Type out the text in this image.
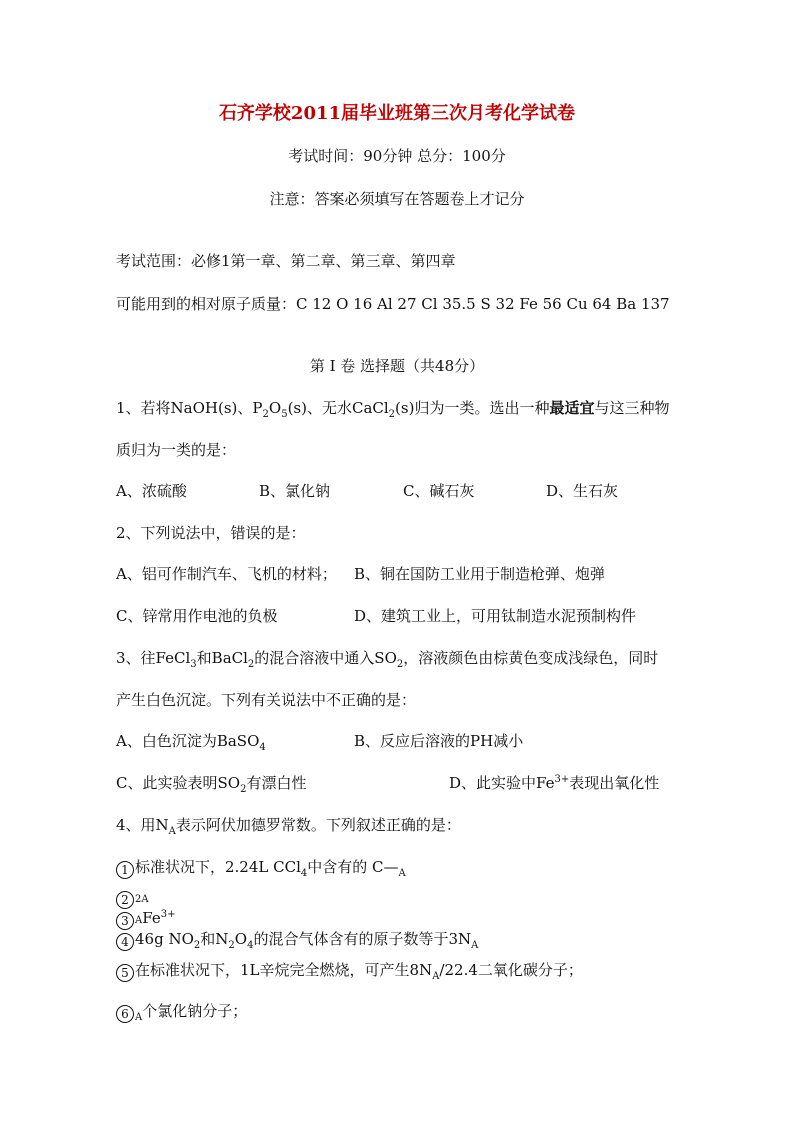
石齐学校2011届毕业班第三次月考化学试卷
考试时间：90分钟 总分：100分
注意：答案必须填写在答题卷上才记分
考试范围：必修1第一章、第二章、第三章、第四章
可能用到的相对原子质量：C 12 O 16 Al 27 Cl 35.5 S 32 Fe 56 Cu 64 Ba 137
第 I 卷 选择题（共48分）
1、若将NaOH(s)、$P_2O_5(s)$、无水CaCl$_2$(s)归为一类。选出一种最适宜与这三种物
质归为一类的是：
A、浓硫酸	B、氯化钠	C、碱石灰	D、生石灰
2、下列说法中，错误的是：
A、铝可作制汽车、飞机的材料； B、铜在国防工业用于制造枪弹、炮弹
C、锌常用作电池的负极	D、建筑工业上，可用钛制造水泥预制构件
3、往FeCl$_3$和BaCl$_2$的混合溶液中通入$SO_2$，溶液颜色由棕黄色变成浅绿色，同时
产生白色沉淀。下列有关说法中不正确的是：
A、白色沉淀为BaSO$_4$	B、反应后溶液的PH减小
C、此实验表明$SO_2$有漂白性	D、此实验中$Fe^{3+}$表现出氧化性
4、用$N_A$表示阿伏加德罗常数。下列叙述正确的是：
1 标准状况下，2.24L CCl$_4$中含有的 $C—_A$
2 2A
3 AFe$^{3+}$
4 46g $NO_2$和$N_2O_4$的混合气体含有的原子数等于$3N_A$
5 在标准状况下，1L辛烷完全燃烧，可产生$8N_A/22.4$二氧化碳分子；
6 $_A$个氯化钠分子；
